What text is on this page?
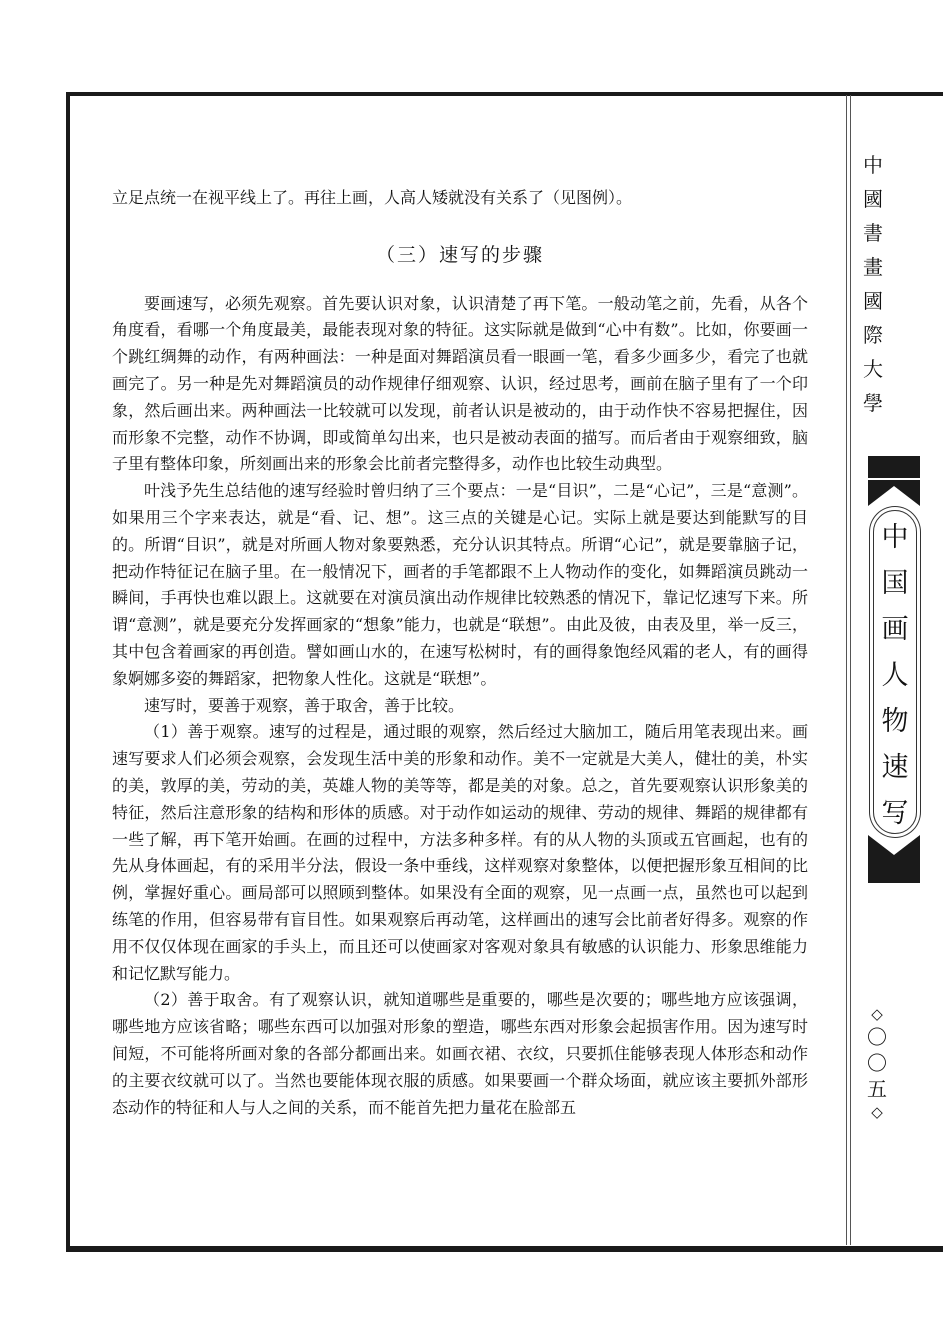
立足点统一在视平线上了。再往上画，人高人矮就没有关系了（见图例）。

（三）速写的步骤

要画速写，必须先观察。首先要认识对象，认识清楚了再下笔。一般动笔之前，先看，从各个角度看，看哪一个角度最美，最能表现对象的特征。这实际就是做到“心中有数”。比如，你要画一个跳红绸舞的动作，有两种画法：一种是面对舞蹈演员看一眼画一笔，看多少画多少，看完了也就画完了。另一种是先对舞蹈演员的动作规律仔细观察、认识，经过思考，画前在脑子里有了一个印象，然后画出来。两种画法一比较就可以发现，前者认识是被动的，由于动作快不容易把握住，因而形象不完整，动作不协调，即或简单勾出来，也只是被动表面的描写。而后者由于观察细致，脑子里有整体印象，所刻画出来的形象会比前者完整得多，动作也比较生动典型。

叶浅予先生总结他的速写经验时曾归纳了三个要点：一是“目识”，二是“心记”，三是“意测”。如果用三个字来表达，就是“看、记、想”。这三点的关键是心记。实际上就是要达到能默写的目的。所谓“目识”，就是对所画人物对象要熟悉，充分认识其特点。所谓“心记”，就是要靠脑子记，把动作特征记在脑子里。在一般情况下，画者的手笔都跟不上人物动作的变化，如舞蹈演员跳动一瞬间，手再快也难以跟上。这就要在对演员演出动作规律比较熟悉的情况下，靠记忆速写下来。所谓“意测”，就是要充分发挥画家的“想象”能力，也就是“联想”。由此及彼，由表及里，举一反三，其中包含着画家的再创造。譬如画山水的，在速写松树时，有的画得象饱经风霜的老人，有的画得象婀娜多姿的舞蹈家，把物象人性化。这就是“联想”。

速写时，要善于观察，善于取舍，善于比较。

（1）善于观察。速写的过程是，通过眼的观察，然后经过大脑加工，随后用笔表现出来。画速写要求人们必须会观察，会发现生活中美的形象和动作。美不一定就是大美人，健壮的美，朴实的美，敦厚的美，劳动的美，英雄人物的美等等，都是美的对象。总之，首先要观察认识形象美的特征，然后注意形象的结构和形体的质感。对于动作如运动的规律、劳动的规律、舞蹈的规律都有一些了解，再下笔开始画。在画的过程中，方法多种多样。有的从人物的头顶或五官画起，也有的先从身体画起，有的采用半分法，假设一条中垂线，这样观察对象整体，以便把握形象互相间的比例，掌握好重心。画局部可以照顾到整体。如果没有全面的观察，见一点画一点，虽然也可以起到练笔的作用，但容易带有盲目性。如果观察后再动笔，这样画出的速写会比前者好得多。观察的作用不仅仅体现在画家的手头上，而且还可以使画家对客观对象具有敏感的认识能力、形象思维能力和记忆默写能力。

（2）善于取舍。有了观察认识，就知道哪些是重要的，哪些是次要的；哪些地方应该强调，哪些地方应该省略；哪些东西可以加强对形象的塑造，哪些东西对形象会起损害作用。因为速写时间短，不可能将所画对象的各部分都画出来。如画衣裙、衣纹，只要抓住能够表现人体形态和动作的主要衣纹就可以了。当然也要能体现衣服的质感。如果要画一个群众场面，就应该主要抓外部形态动作的特征和人与人之间的关系，而不能首先把力量花在脸部五

中
國
書
畫
國
際
大
學
中
国
画
人
物
速
写
◇
〇
〇
五
◇
